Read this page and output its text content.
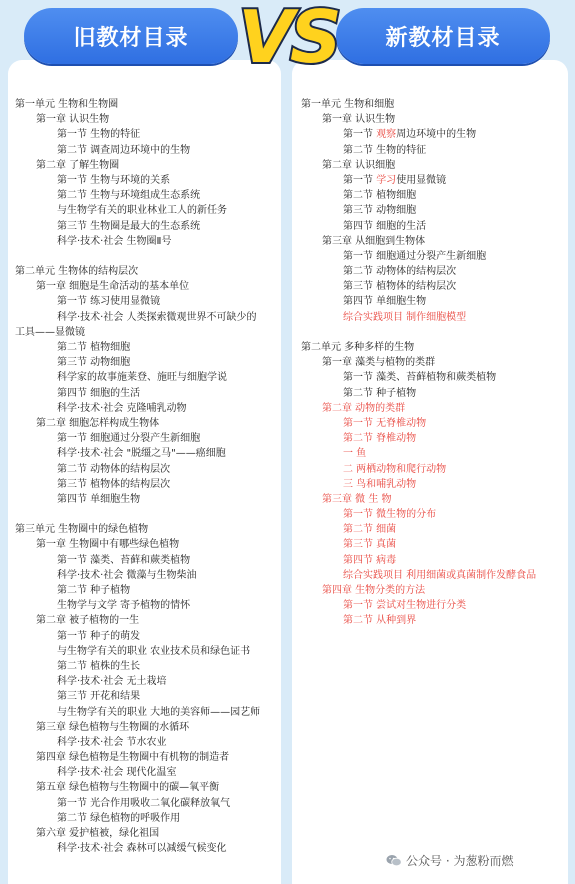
旧教材目录	新教材目录
VS
第一单元 生物和生物圈
第一章 认识生物
第一节 生物的特征
第二节 调查周边环境中的生物
第二章 了解生物圈
第一节 生物与环境的关系
第二节 生物与环境组成生态系统
与生物学有关的职业林业工人的新任务
第三节 生物圈是最大的生态系统
科学·技术·社会 生物圈Ⅱ号
第二单元 生物体的结构层次
第一章 细胞是生命活动的基本单位
第一节 练习使用显微镜
科学·技术·社会 人类探索微观世界不可缺少的
工具——显微镜
第二节 植物细胞
第三节 动物细胞
科学家的故事施莱登、施旺与细胞学说
第四节 细胞的生活
科学·技术·社会 克隆哺乳动物
第二章 细胞怎样构成生物体
第一节 细胞通过分裂产生新细胞
科学·技术·社会 "脱缰之马"——癌细胞
第二节 动物体的结构层次
第三节 植物体的结构层次
第四节 单细胞生物
第三单元 生物圈中的绿色植物
第一章 生物圈中有哪些绿色植物
第一节 藻类、苔藓和蕨类植物
科学·技术·社会 微藻与生物柴油
第二节 种子植物
生物学与文学 寄予植物的情怀
第二章 被子植物的一生
第一节 种子的萌发
与生物学有关的职业 农业技术员和绿色证书
第二节 植株的生长
科学·技术·社会 无土栽培
第三节 开花和结果
与生物学有关的职业 大地的美容师——园艺师
第三章 绿色植物与生物圈的水循环
科学·技术·社会 节水农业
第四章 绿色植物是生物圈中有机物的制造者
科学·技术·社会 现代化温室
第五章 绿色植物与生物圈中的碳—氧平衡
第一节 光合作用吸收二氧化碳释放氧气
第二节 绿色植物的呼吸作用
第六章 爱护植被，绿化祖国
科学·技术·社会 森林可以减缓气候变化
第一单元 生物和细胞
第一章 认识生物
第一节 观察周边环境中的生物
第二节 生物的特征
第二章 认识细胞
第一节 学习使用显微镜
第二节 植物细胞
第三节 动物细胞
第四节 细胞的生活
第三章 从细胞到生物体
第一节 细胞通过分裂产生新细胞
第二节 动物体的结构层次
第三节 植物体的结构层次
第四节 单细胞生物
综合实践项目 制作细胞模型
第二单元 多种多样的生物
第一章 藻类与植物的类群
第一节 藻类、苔藓植物和蕨类植物
第二节 种子植物
第二章 动物的类群
第一节 无脊椎动物
第二节 脊椎动物
一 鱼
二 两栖动物和爬行动物
三 鸟和哺乳动物
第三章 微 生 物
第一节 微生物的分布
第二节 细菌
第三节 真菌
第四节 病毒
综合实践项目 利用细菌或真菌制作发酵食品
第四章 生物分类的方法
第一节 尝试对生物进行分类
第二节 从种到界
公众号 · 为葱粉而燃
